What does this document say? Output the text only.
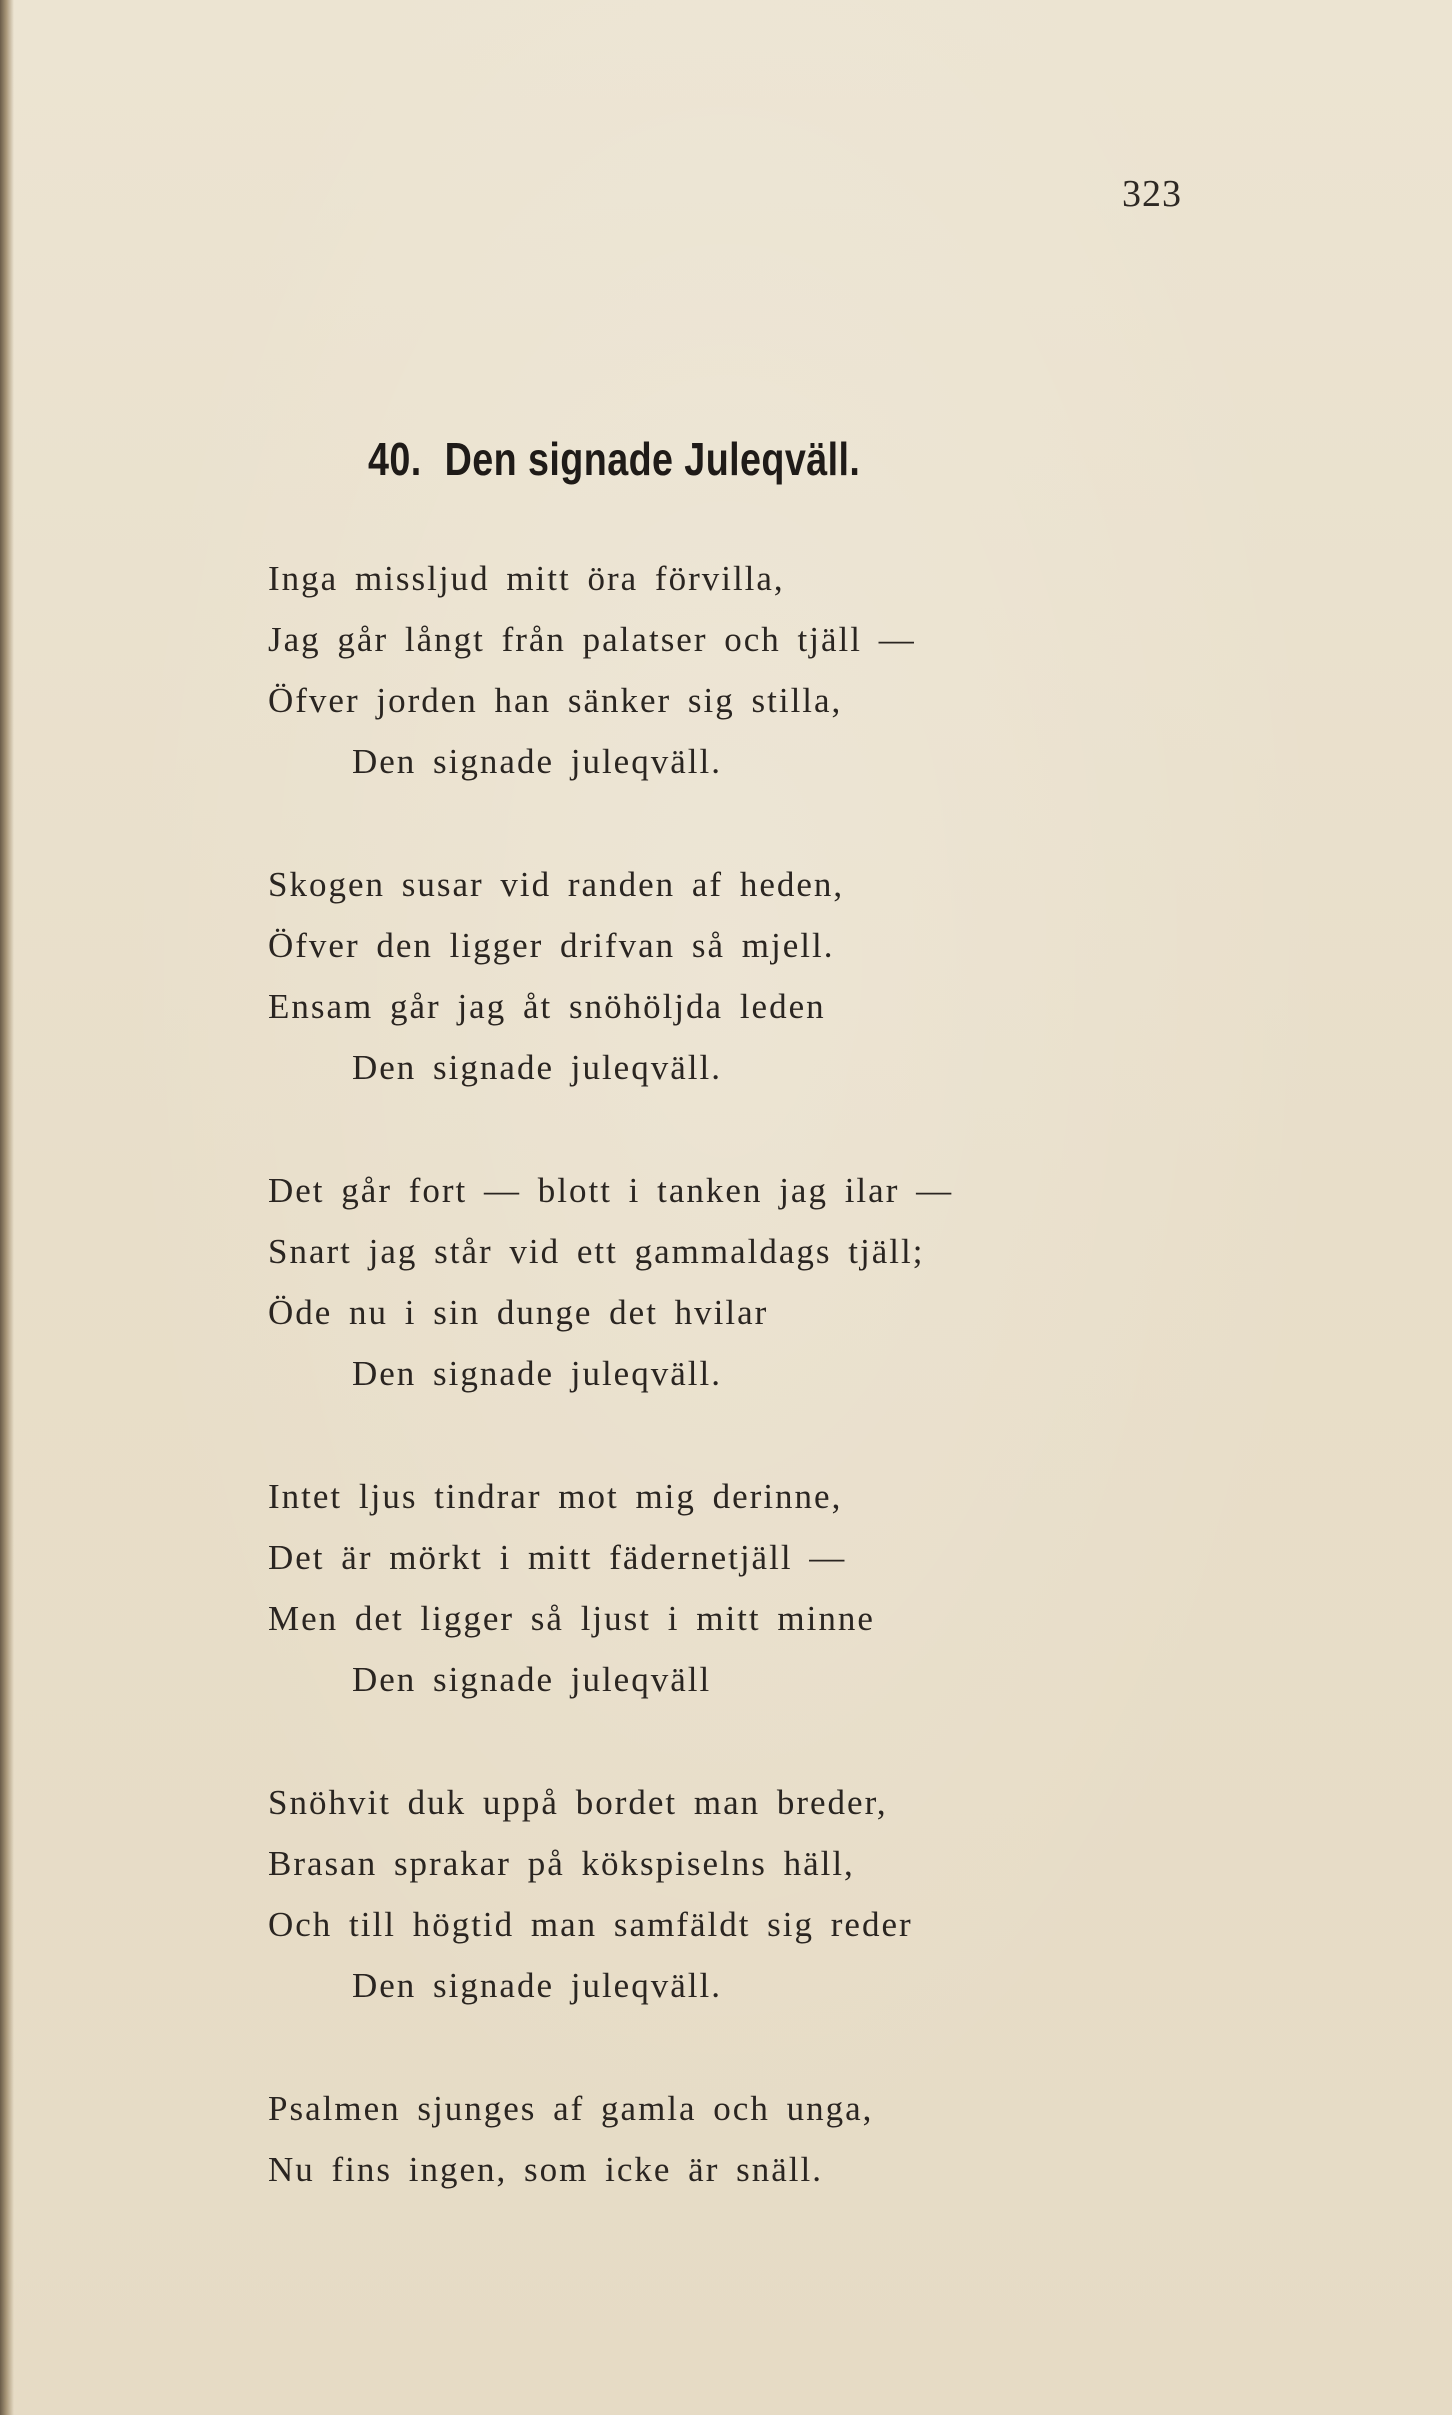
323
40. Den signade Juleqväll.
Inga missljud mitt öra förvilla,
Jag går långt från palatser och tjäll —
Öfver jorden han sänker sig stilla,
Den signade juleqväll.
Skogen susar vid randen af heden,
Öfver den ligger drifvan så mjell.
Ensam går jag åt snöhöljda leden
Den signade juleqväll.
Det går fort — blott i tanken jag ilar —
Snart jag står vid ett gammaldags tjäll;
Öde nu i sin dunge det hvilar
Den signade juleqväll.
Intet ljus tindrar mot mig derinne,
Det är mörkt i mitt fädernetjäll —
Men det ligger så ljust i mitt minne
Den signade juleqväll
Snöhvit duk uppå bordet man breder,
Brasan sprakar på kökspiselns häll,
Och till högtid man samfäldt sig reder
Den signade juleqväll.
Psalmen sjunges af gamla och unga,
Nu fins ingen, som icke är snäll.
